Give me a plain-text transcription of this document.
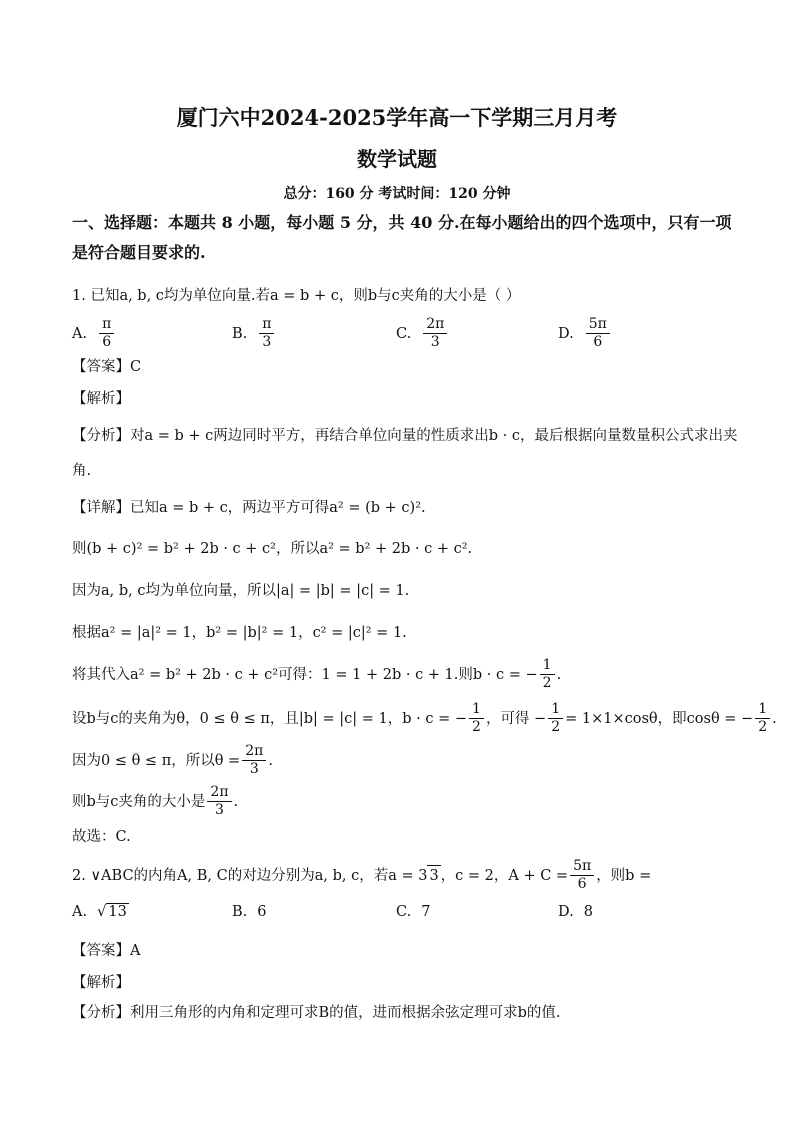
厦门六中2024-2025学年高一下学期三月月考
数学试题
总分：160 分 考试时间：120 分钟
一、选择题：本题共 8 小题，每小题 5 分，共 40 分.在每小题给出的四个选项中，只有一项
是符合题目要求的.
1. 已知a, b, c均为单位向量.若a = b + c，则b与c夹角的大小是（ ）
A. $\frac{\pi}{6}$	B. $\frac{\pi}{3}$	C. $\frac{2\pi}{3}$	D. $\frac{5\pi}{6}$
【答案】C
【解析】
【分析】对a = b + c两边同时平方，再结合单位向量的性质求出b · c，最后根据向量数量积公式求出夹
角.
【详解】已知a = b + c，两边平方可得a² = (b + c)².
则(b + c)² = b² + 2b · c + c²，所以a² = b² + 2b · c + c².
因为a, b, c均为单位向量，所以|a| = |b| = |c| = 1.
根据a² = |a|² = 1，b² = |b|² = 1，c² = |c|² = 1.
将其代入a² = b² + 2b · c + c²可得：1 = 1 + 2b · c + 1.则b · c = − $\frac{1}{2}$ .
设b与c的夹角为θ，0 ≤ θ ≤ π，且|b| = |c| = 1，b · c = − $\frac{1}{2}$ ，可得 − $\frac{1}{2} = 1\times 1\times\cos\theta$，即cosθ = − $\frac{1}{2}$ .
因为0 ≤ θ ≤ π，所以$\theta = \frac{2\pi}{3}$ .
则b与c夹角的大小是 $\frac{2\pi}{3}$ .
故选：C.
2. ∨ABC的内角A, B, C的对边分别为a, b, c，若a = 3 3 ，c = 2，$A + C = \frac{5\pi}{6}$ ，则b =
A. √ 13	B. 6	C. 7	D. 8
【答案】A
【解析】
【分析】利用三角形的内角和定理可求B的值，进而根据余弦定理可求b的值.
